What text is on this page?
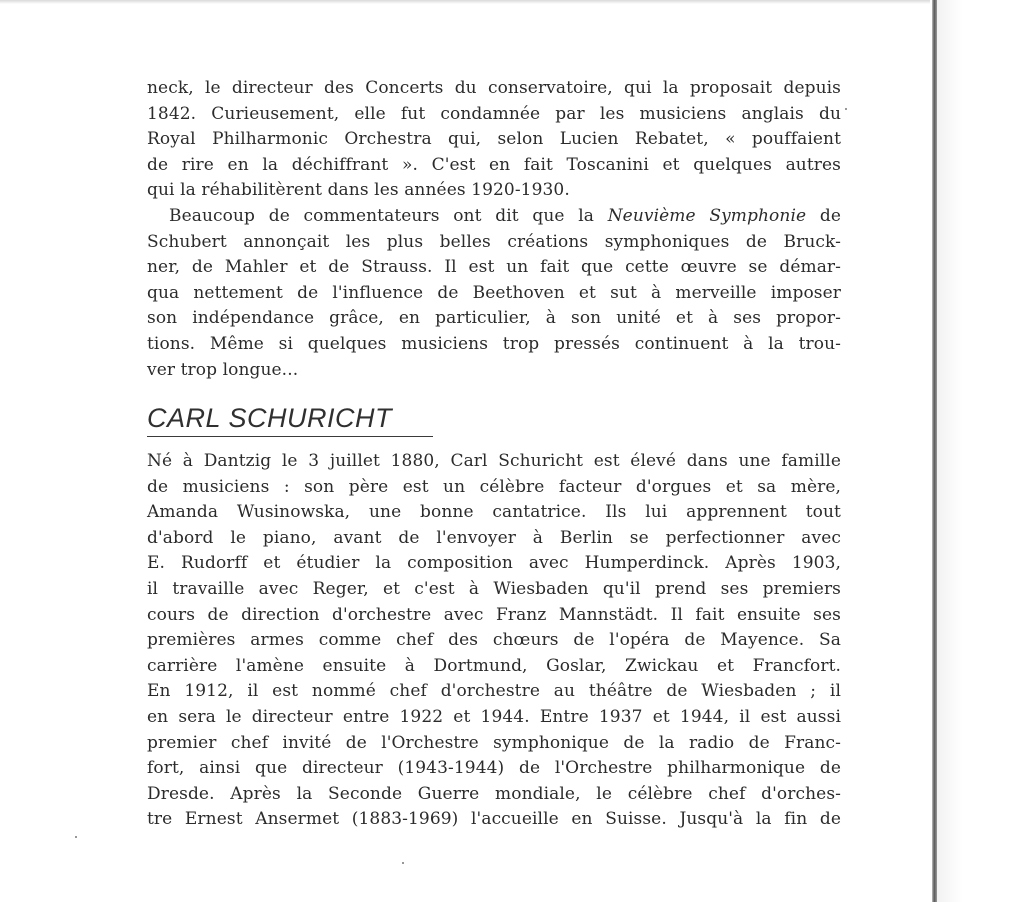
neck, le directeur des Concerts du conservatoire, qui la proposait depuis
1842. Curieusement, elle fut condamnée par les musiciens anglais du
Royal Philharmonic Orchestra qui, selon Lucien Rebatet, « pouffaient
de rire en la déchiffrant ». C'est en fait Toscanini et quelques autres
qui la réhabilitèrent dans les années 1920-1930.
Beaucoup de commentateurs ont dit que la Neuvième Symphonie de
Schubert annonçait les plus belles créations symphoniques de Bruck-
ner, de Mahler et de Strauss. Il est un fait que cette œuvre se démar-
qua nettement de l'influence de Beethoven et sut à merveille imposer
son indépendance grâce, en particulier, à son unité et à ses propor-
tions. Même si quelques musiciens trop pressés continuent à la trou-
ver trop longue...
CARL SCHURICHT
Né à Dantzig le 3 juillet 1880, Carl Schuricht est élevé dans une famille
de musiciens : son père est un célèbre facteur d'orgues et sa mère,
Amanda Wusinowska, une bonne cantatrice. Ils lui apprennent tout
d'abord le piano, avant de l'envoyer à Berlin se perfectionner avec
E. Rudorff et étudier la composition avec Humperdinck. Après 1903,
il travaille avec Reger, et c'est à Wiesbaden qu'il prend ses premiers
cours de direction d'orchestre avec Franz Mannstädt. Il fait ensuite ses
premières armes comme chef des chœurs de l'opéra de Mayence. Sa
carrière l'amène ensuite à Dortmund, Goslar, Zwickau et Francfort.
En 1912, il est nommé chef d'orchestre au théâtre de Wiesbaden ; il
en sera le directeur entre 1922 et 1944. Entre 1937 et 1944, il est aussi
premier chef invité de l'Orchestre symphonique de la radio de Franc-
fort, ainsi que directeur (1943-1944) de l'Orchestre philharmonique de
Dresde. Après la Seconde Guerre mondiale, le célèbre chef d'orches-
tre Ernest Ansermet (1883-1969) l'accueille en Suisse. Jusqu'à la fin de
